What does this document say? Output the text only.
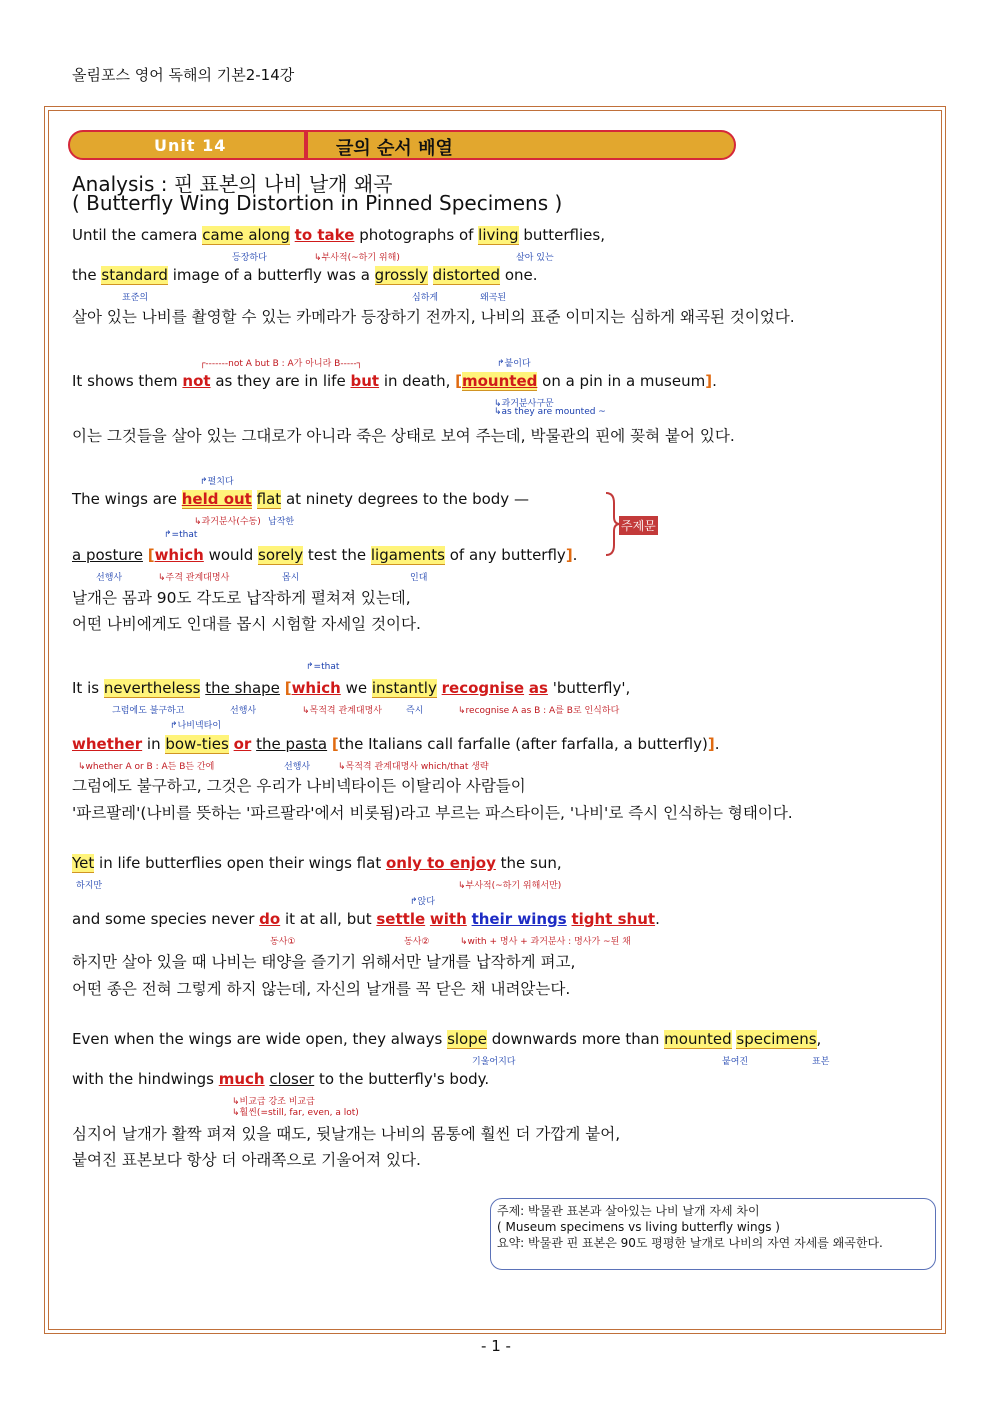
올림포스 영어 독해의 기본2-14강
Unit 14	글의 순서 배열
Analysis : 핀 표본의 나비 날개 왜곡
( Butterfly Wing Distortion in Pinned Specimens )
Until the camera came along to take photographs of living butterflies,
등장하다	↳부사적(~하기 위해)	살아 있는
the standard image of a butterfly was a grossly distorted one.
표준의	심하게	왜곡된
살아 있는 나비를 촬영할 수 있는 카메라가 등장하기 전까지, 나비의 표준 이미지는 심하게 왜곡된 것이었다.
┌-------not A but B : A가 아니라 B-----┐	↱붙이다
It shows them not as they are in life but in death, [mounted on a pin in a museum].
↳과거분사구문
↳as they are mounted ~
이는 그것들을 살아 있는 그대로가 아니라 죽은 상태로 보여 주는데, 박물관의 핀에 꽂혀 붙어 있다.
↱펼치다
The wings are held out flat at ninety degrees to the body —
↳과거분사(수동) 납작한
↱=that
a posture [which would sorely test the ligaments of any butterfly].
선행사	↳주격 관계대명사	몹시	인대
주제문
날개은 몸과 90도 각도로 납작하게 펼쳐져 있는데,
어떤 나비에게도 인대를 몹시 시험할 자세일 것이다.
↱=that
It is nevertheless the shape [which we instantly recognise as 'butterfly',
그럼에도 불구하고	선행사	↳목적격 관계대명사	즉시	↳recognise A as B : A를 B로 인식하다
↱나비넥타이
whether in bow-ties or the pasta [the Italians call farfalle (after farfalla, a butterfly)].
↳whether A or B : A든 B든 간에	선행사	↳목적격 관계대명사 which/that 생략
그럼에도 불구하고, 그것은 우리가 나비넥타이든 이탈리아 사람들이
'파르팔레'(나비를 뜻하는 '파르팔라'에서 비롯됨)라고 부르는 파스타이든, '나비'로 즉시 인식하는 형태이다.
Yet in life butterflies open their wings flat only to enjoy the sun,
하지만	↳부사적(~하기 위해서만)
↱앉다
and some species never do it at all, but settle with their wings tight shut.
동사①	동사②	↳with + 명사 + 과거분사 : 명사가 ~된 채
하지만 살아 있을 때 나비는 태양을 즐기기 위해서만 날개를 납작하게 펴고,
어떤 종은 전혀 그렇게 하지 않는데, 자신의 날개를 꼭 닫은 채 내려앉는다.
Even when the wings are wide open, they always slope downwards more than mounted specimens,
기울어지다	붙여진	표본
with the hindwings much closer to the butterfly's body.
↳비교급 강조 비교급
↳훨씬(=still, far, even, a lot)
심지어 날개가 활짝 펴져 있을 때도, 뒷날개는 나비의 몸통에 훨씬 더 가깝게 붙어,
붙여진 표본보다 항상 더 아래쪽으로 기울어져 있다.
주제: 박물관 표본과 살아있는 나비 날개 자세 차이
( Museum specimens vs living butterfly wings )
요약: 박물관 핀 표본은 90도 평평한 날개로 나비의 자연 자세를 왜곡한다.
- 1 -
